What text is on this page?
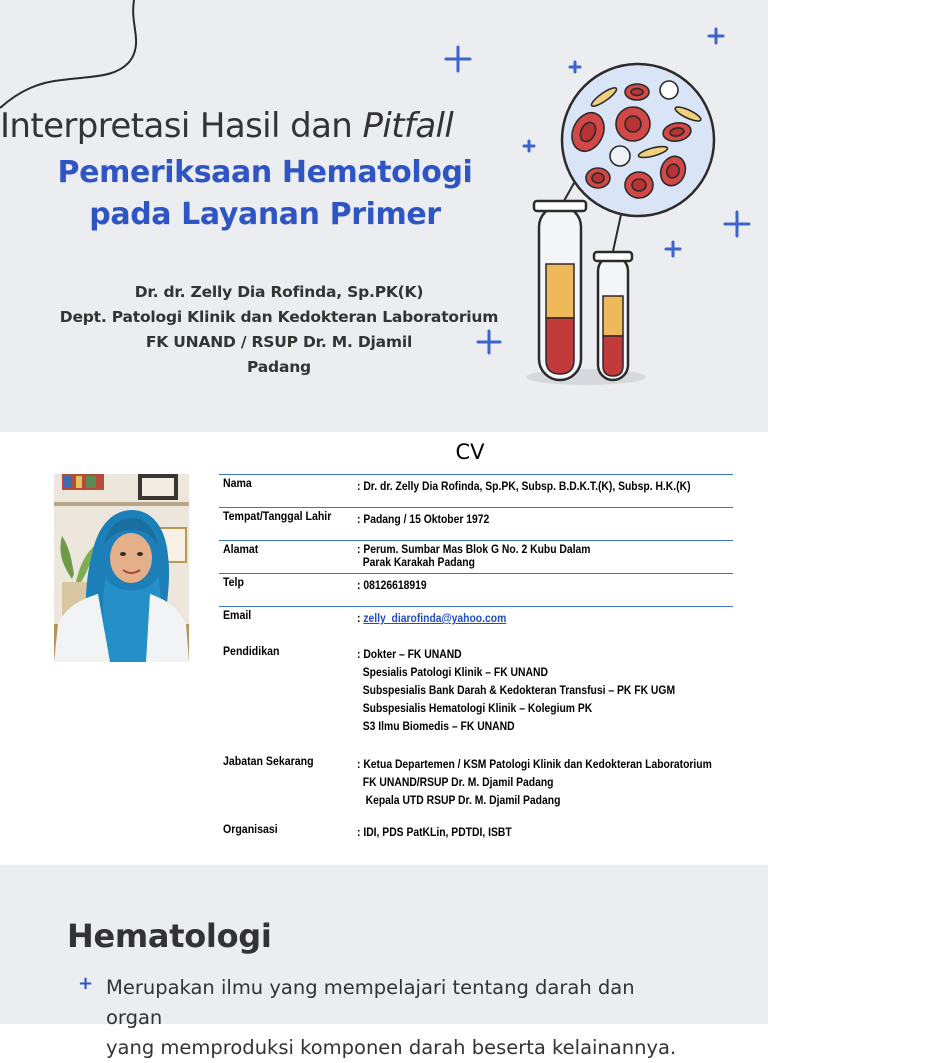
Interpretasi Hasil dan Pitfall
Pemeriksaan Hematologi
pada Layanan Primer
Dr. dr. Zelly Dia Rofinda, Sp.PK(K)
Dept. Patologi Klinik dan Kedokteran Laboratorium
FK UNAND / RSUP Dr. M. Djamil
Padang
CV
Nama	: Dr. dr. Zelly Dia Rofinda, Sp.PK, Subsp. B.D.K.T.(K), Subsp. H.K.(K)
Tempat/Tanggal Lahir : Padang / 15 Oktober 1972
Alamat	: Perum. Sumbar Mas Blok G No. 2 Kubu Dalam
Parak Karakah Padang
Telp	: 08126618919
Email	: zelly_diarofinda@yahoo.com
Pendidikan	: Dokter – FK UNAND
Spesialis Patologi Klinik – FK UNAND
Subspesialis Bank Darah & Kedokteran Transfusi – PK FK UGM
Subspesialis Hematologi Klinik – Kolegium PK
S3 Ilmu Biomedis – FK UNAND
Jabatan Sekarang	: Ketua Departemen / KSM Patologi Klinik dan Kedokteran Laboratorium
FK UNAND/RSUP Dr. M. Djamil Padang
Kepala UTD RSUP Dr. M. Djamil Padang
Organisasi	: IDI, PDS PatKLin, PDTDI, ISBT
Hematologi
+ Merupakan ilmu yang mempelajari tentang darah dan organ
yang memproduksi komponen darah beserta kelainannya.
